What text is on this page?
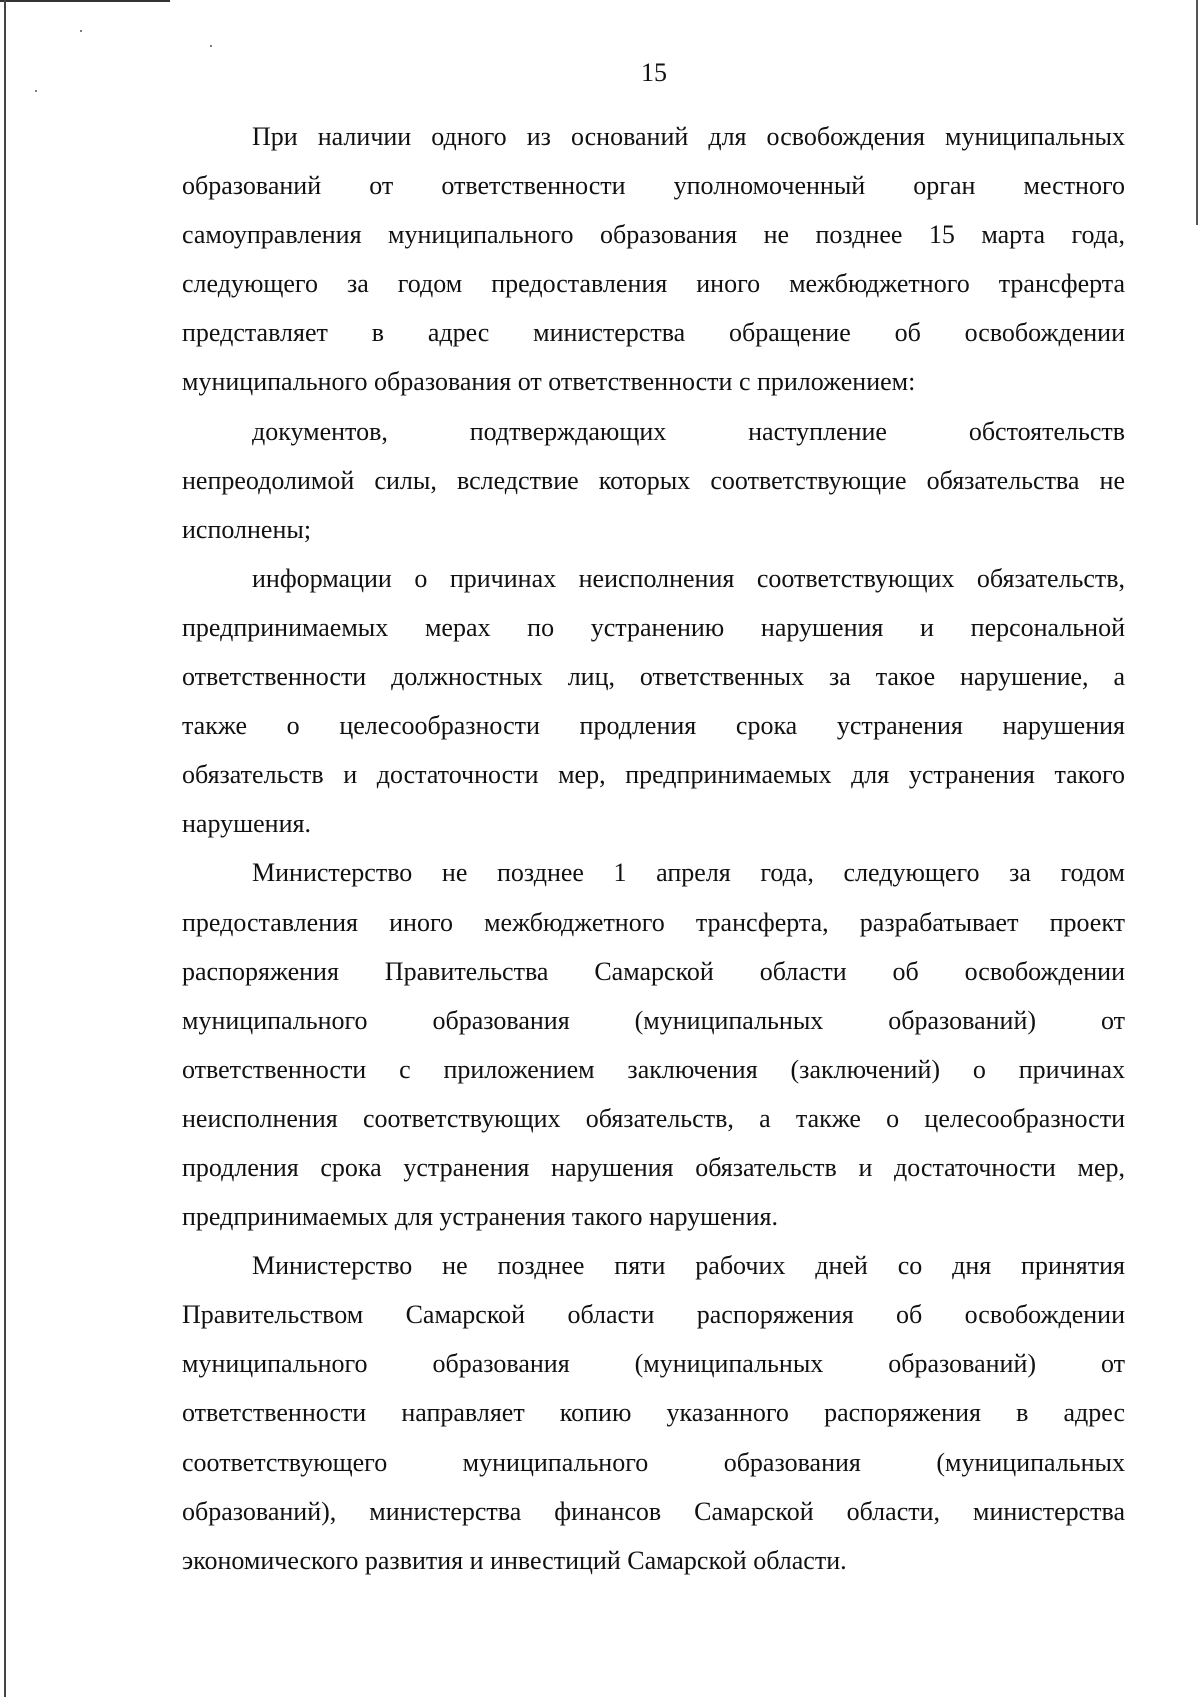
15
При наличии одного из оснований для освобождения муниципальных
образований от ответственности уполномоченный орган местного
самоуправления муниципального образования не позднее 15 марта года,
следующего за годом предоставления иного межбюджетного трансферта
представляет в адрес министерства обращение об освобождении
муниципального образования от ответственности с приложением:
документов, подтверждающих наступление обстоятельств
непреодолимой силы, вследствие которых соответствующие обязательства не
исполнены;
информации о причинах неисполнения соответствующих обязательств,
предпринимаемых мерах по устранению нарушения и персональной
ответственности должностных лиц, ответственных за такое нарушение, а
также о целесообразности продления срока устранения нарушения
обязательств и достаточности мер, предпринимаемых для устранения такого
нарушения.
Министерство не позднее 1 апреля года, следующего за годом
предоставления иного межбюджетного трансферта, разрабатывает проект
распоряжения Правительства Самарской области об освобождении
муниципального образования (муниципальных образований) от
ответственности с приложением заключения (заключений) о причинах
неисполнения соответствующих обязательств, а также о целесообразности
продления срока устранения нарушения обязательств и достаточности мер,
предпринимаемых для устранения такого нарушения.
Министерство не позднее пяти рабочих дней со дня принятия
Правительством Самарской области распоряжения об освобождении
муниципального образования (муниципальных образований) от
ответственности направляет копию указанного распоряжения в адрес
соответствующего муниципального образования (муниципальных
образований), министерства финансов Самарской области, министерства
экономического развития и инвестиций Самарской области.
